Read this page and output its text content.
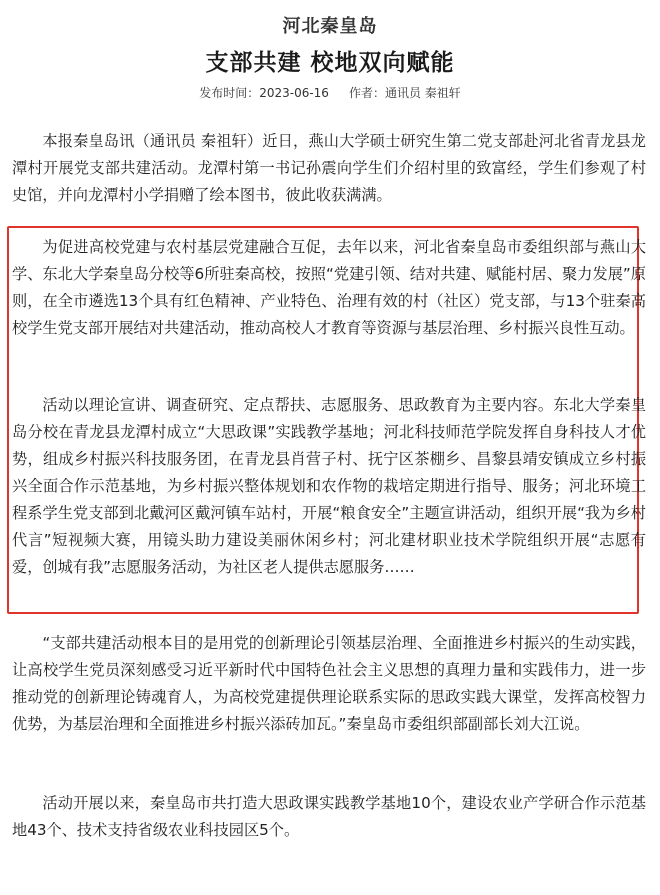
河北秦皇岛
支部共建 校地双向赋能
发布时间：2023-06-16 作者：通讯员 秦祖轩

本报秦皇岛讯（通讯员 秦祖轩）近日，燕山大学硕士研究生第二党支部赴河北省青龙县龙潭村开展党支部共建活动。龙潭村第一书记孙震向学生们介绍村里的致富经，学生们参观了村史馆，并向龙潭村小学捐赠了绘本图书，彼此收获满满。

为促进高校党建与农村基层党建融合互促，去年以来，河北省秦皇岛市委组织部与燕山大学、东北大学秦皇岛分校等6所驻秦高校，按照“党建引领、结对共建、赋能村居、聚力发展”原则，在全市遴选13个具有红色精神、产业特色、治理有效的村（社区）党支部，与13个驻秦高校学生党支部开展结对共建活动，推动高校人才教育等资源与基层治理、乡村振兴良性互动。

活动以理论宣讲、调查研究、定点帮扶、志愿服务、思政教育为主要内容。东北大学秦皇岛分校在青龙县龙潭村成立“大思政课”实践教学基地；河北科技师范学院发挥自身科技人才优势，组成乡村振兴科技服务团，在青龙县肖营子村、抚宁区茶棚乡、昌黎县靖安镇成立乡村振兴全面合作示范基地，为乡村振兴整体规划和农作物的栽培定期进行指导、服务；河北环境工程系学生党支部到北戴河区戴河镇车站村，开展“粮食安全”主题宣讲活动，组织开展“我为乡村代言”短视频大赛，用镜头助力建设美丽休闲乡村；河北建材职业技术学院组织开展“志愿有爱，创城有我”志愿服务活动，为社区老人提供志愿服务……

“支部共建活动根本目的是用党的创新理论引领基层治理、全面推进乡村振兴的生动实践，让高校学生党员深刻感受习近平新时代中国特色社会主义思想的真理力量和实践伟力，进一步推动党的创新理论铸魂育人，为高校党建提供理论联系实际的思政实践大课堂，发挥高校智力优势，为基层治理和全面推进乡村振兴添砖加瓦。”秦皇岛市委组织部副部长刘大江说。

活动开展以来，秦皇岛市共打造大思政课实践教学基地10个，建设农业产学研合作示范基地43个、技术支持省级农业科技园区5个。
